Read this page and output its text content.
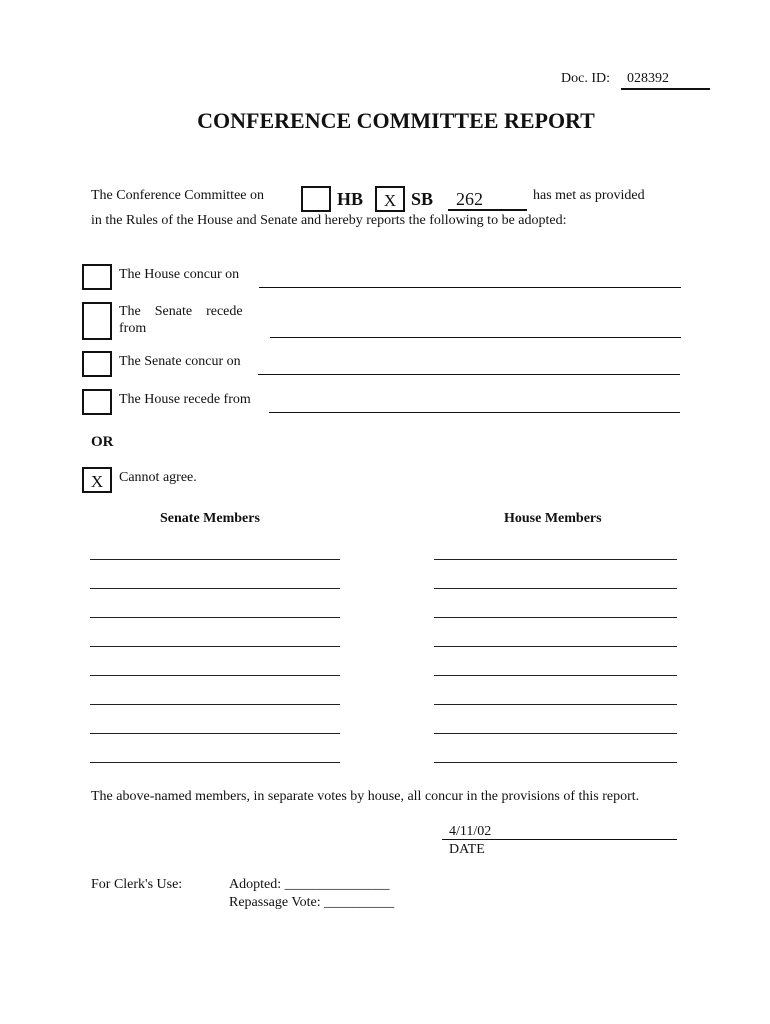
Doc. ID: 028392
CONFERENCE COMMITTEE REPORT
The Conference Committee on	HB	X SB 262	has met as provided
in the Rules of the House and Senate and hereby reports the following to be adopted:
The House concur on
The    Senate    recede
from
The Senate concur on
The House recede from
OR
X	Cannot agree.
Senate Members	House Members
The above-named members, in separate votes by house, all concur in the provisions of this report.
4/11/02
DATE
For Clerk's Use:	Adopted: _______________
Repassage Vote: __________
